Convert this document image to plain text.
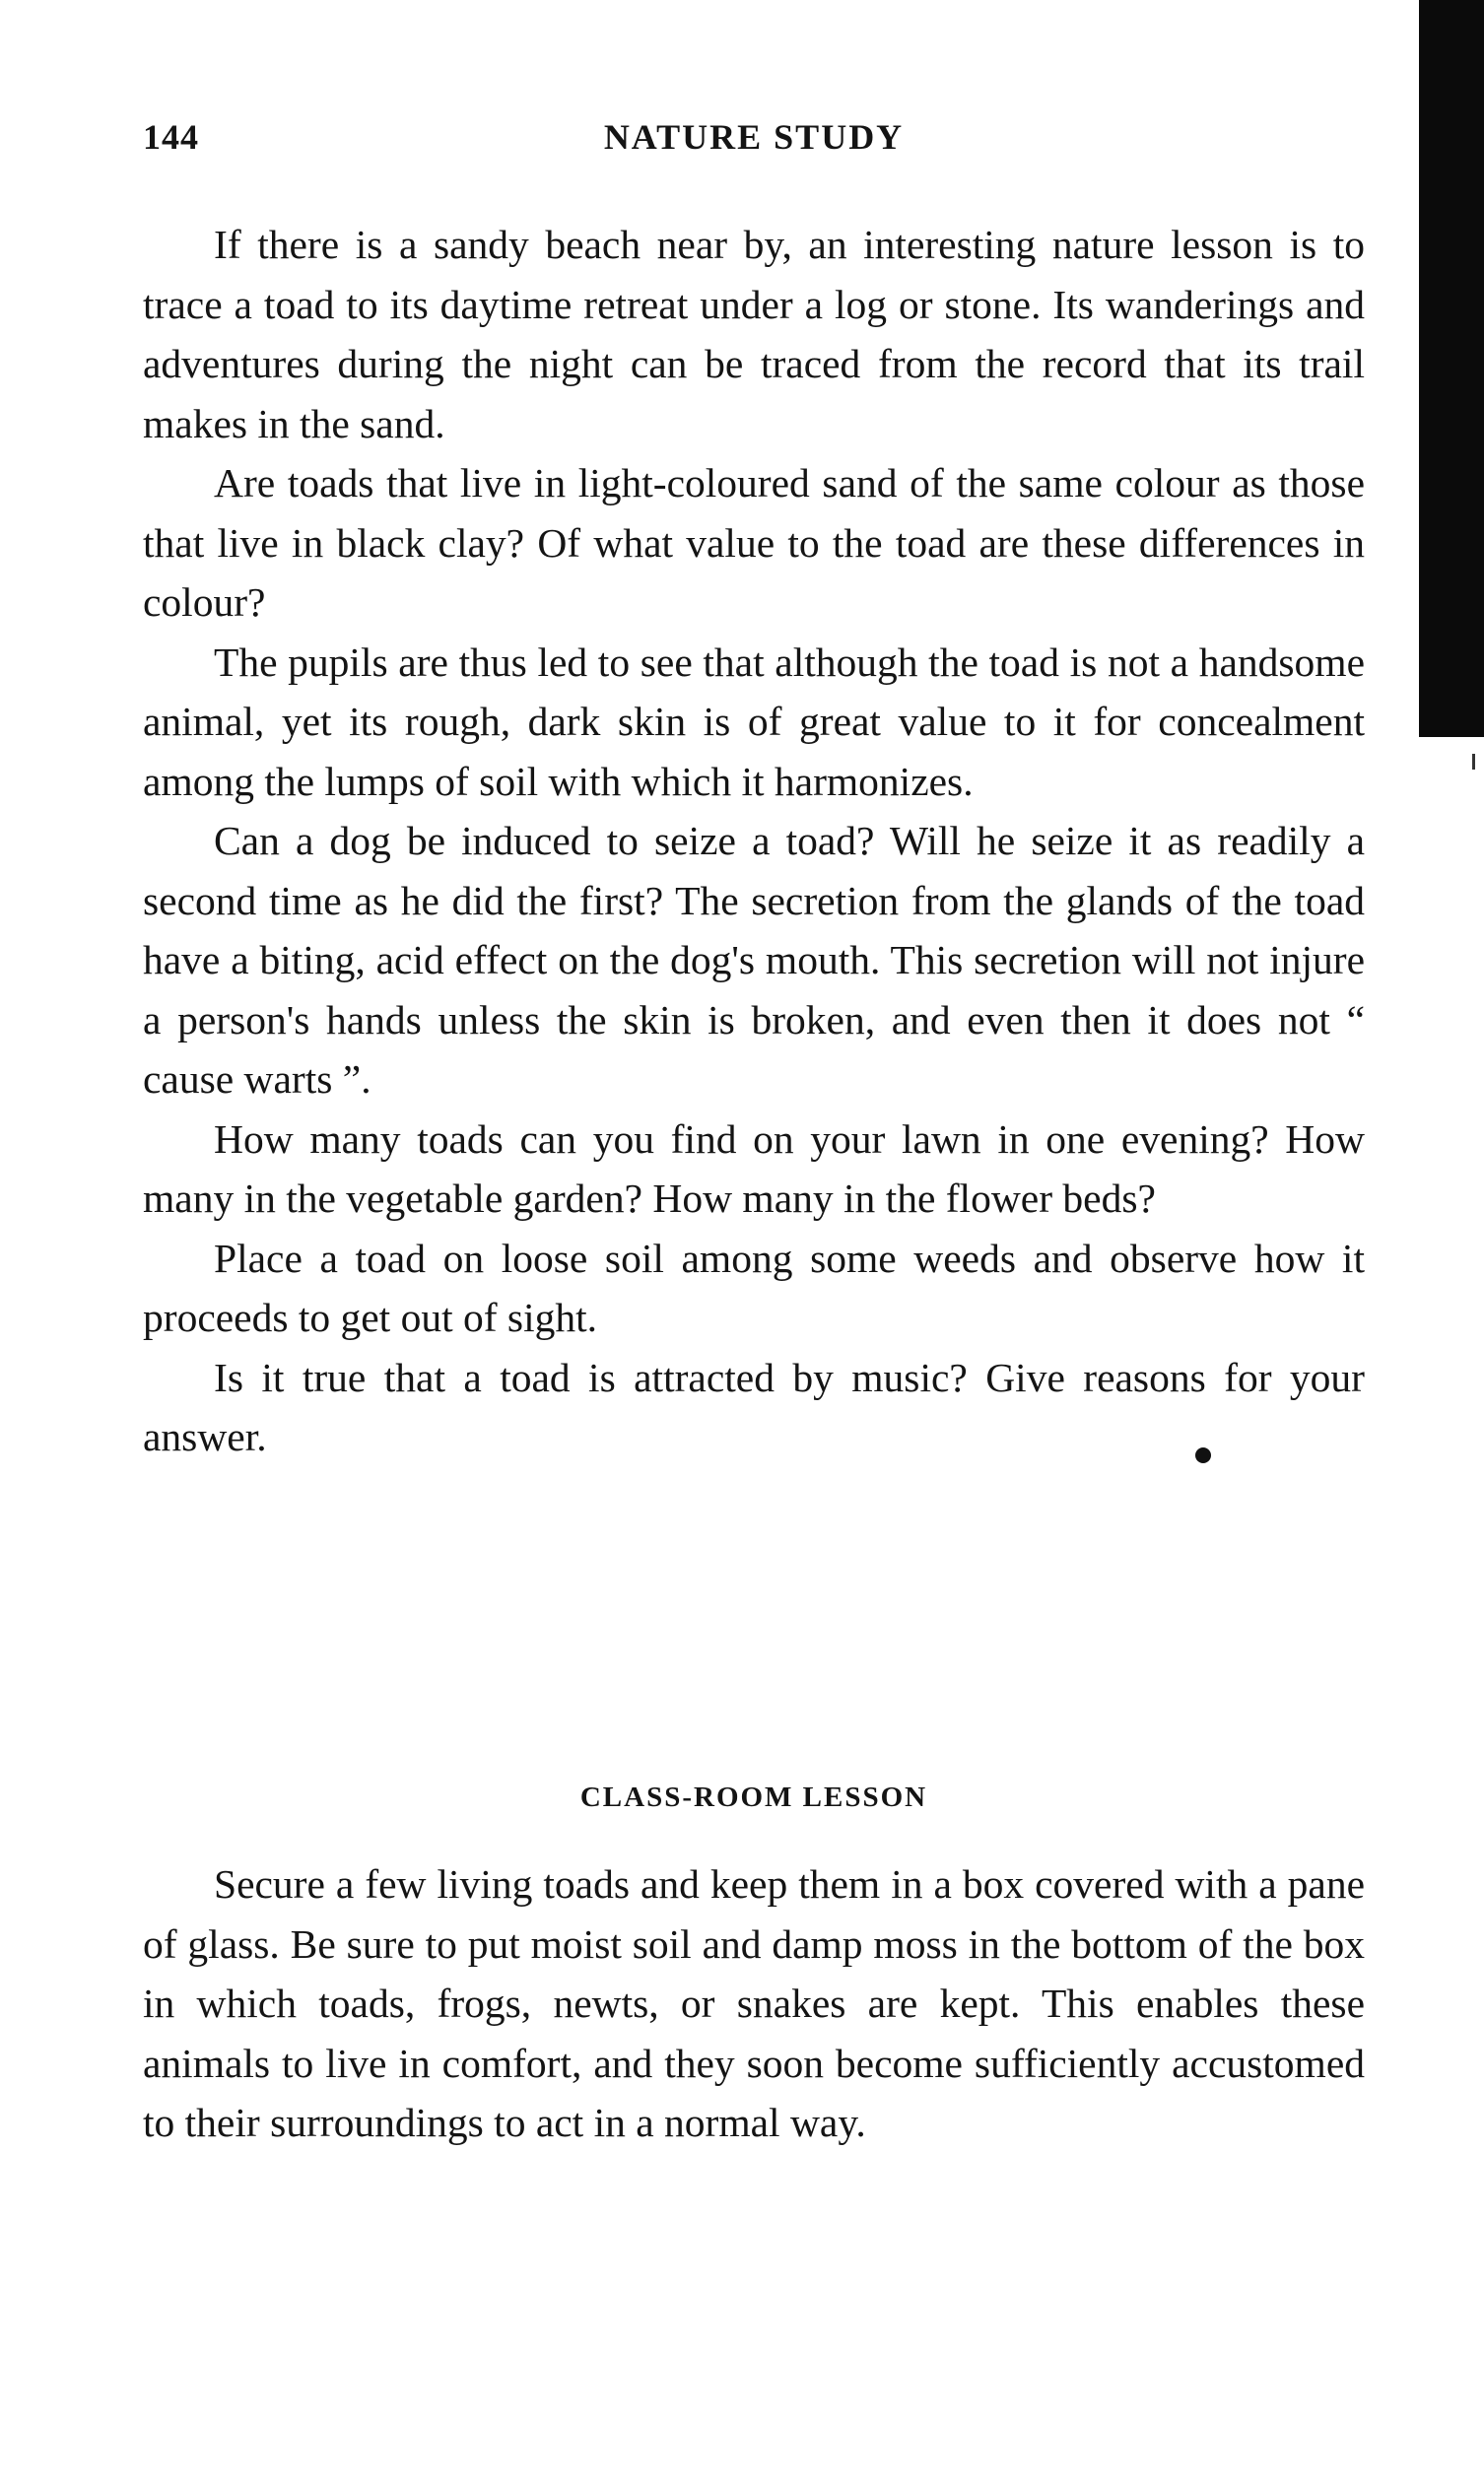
144	NATURE STUDY

If there is a sandy beach near by, an interesting nature lesson is to trace a toad to its daytime retreat under a log or stone. Its wanderings and adventures during the night can be traced from the record that its trail makes in the sand.

Are toads that live in light-coloured sand of the same colour as those that live in black clay? Of what value to the toad are these differences in colour?

The pupils are thus led to see that although the toad is not a handsome animal, yet its rough, dark skin is of great value to it for concealment among the lumps of soil with which it harmonizes.

Can a dog be induced to seize a toad? Will he seize it as readily a second time as he did the first? The secretion from the glands of the toad have a biting, acid effect on the dog's mouth. This secretion will not injure a person's hands unless the skin is broken, and even then it does not “ cause warts ”.

How many toads can you find on your lawn in one evening? How many in the vegetable garden? How many in the flower beds?

Place a toad on loose soil among some weeds and observe how it proceeds to get out of sight.

Is it true that a toad is attracted by music? Give reasons for your answer.

CLASS-ROOM LESSON

Secure a few living toads and keep them in a box covered with a pane of glass. Be sure to put moist soil and damp moss in the bottom of the box in which toads, frogs, newts, or snakes are kept. This enables these animals to live in comfort, and they soon become sufficiently accustomed to their surroundings to act in a normal way.
